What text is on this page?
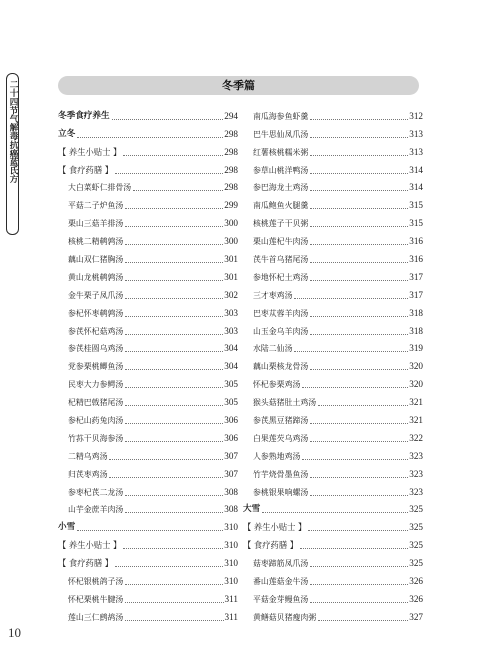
二十四节气解毒抗癌蓝氏方	冬季篇
冬季食疗养生	294
立冬	298
【 养生小贴士 】	298
【 食疗药膳 】	298
大白菜虾仁排骨汤	298
平菇二子炉鱼汤	299
栗山三菇羊排汤	300
核桃二精鹌鹑汤	300
藕山双仁猪胸汤	301
黄山龙桃鹌鹑汤	301
金牛栗子凤爪汤	302
参杞怀枣鹌鹑汤	303
参芪怀杞菇鸡汤	303
参芪桂圆乌鸡汤	304
党参栗桃鲫鱼汤	304
民枣大力参鳄汤	305
杞精巴戟猪尾汤	305
参杞山药兔肉汤	306
竹荪干贝海参汤	306
二精乌鸡汤	307
归芪枣鸡汤	307
参枣杞芪二龙汤	308
山芋金蔗羊肉汤	308
小雪	310
【 养生小贴士 】	310
【 食疗药膳 】	310
怀杞银桃鸽子汤	310
怀杞栗桃牛腱汤	311
莲山三仁鹧鸪汤	311
南瓜海参鱼虾羹	312
巴牛思仙凤爪汤	313
红薯核桃糯米粥	313
参草山桃洋鸭汤	314
参巴海龙土鸡汤	314
南瓜鲍鱼火腿羹	315
核桃莲子干贝粥	315
栗山莲杞牛肉汤	316
芪牛首乌猪尾汤	316
参地怀杞土鸡汤	317
三才枣鸡汤	317
巴枣苁蓉羊肉汤	318
山玉金乌羊肉汤	318
水陆二仙汤	319
藕山栗核龙骨汤	320
怀杞参栗鸡汤	320
猴头菇猪肚土鸡汤	321
参芪黑豆猪蹄汤	321
白果莲芡乌鸡汤	322
人参熟地鸡汤	323
竹芋烧骨墨鱼汤	323
参桃银果响螺汤	323
大雪	325
【 养生小贴士 】	325
【 食疗药膳 】	325
菇枣蹄筋凤爪汤	325
番山莲菇金牛汤	326
平菇金芽鳗鱼汤	326
黄鳝菇贝猪瘦肉粥	327
10
